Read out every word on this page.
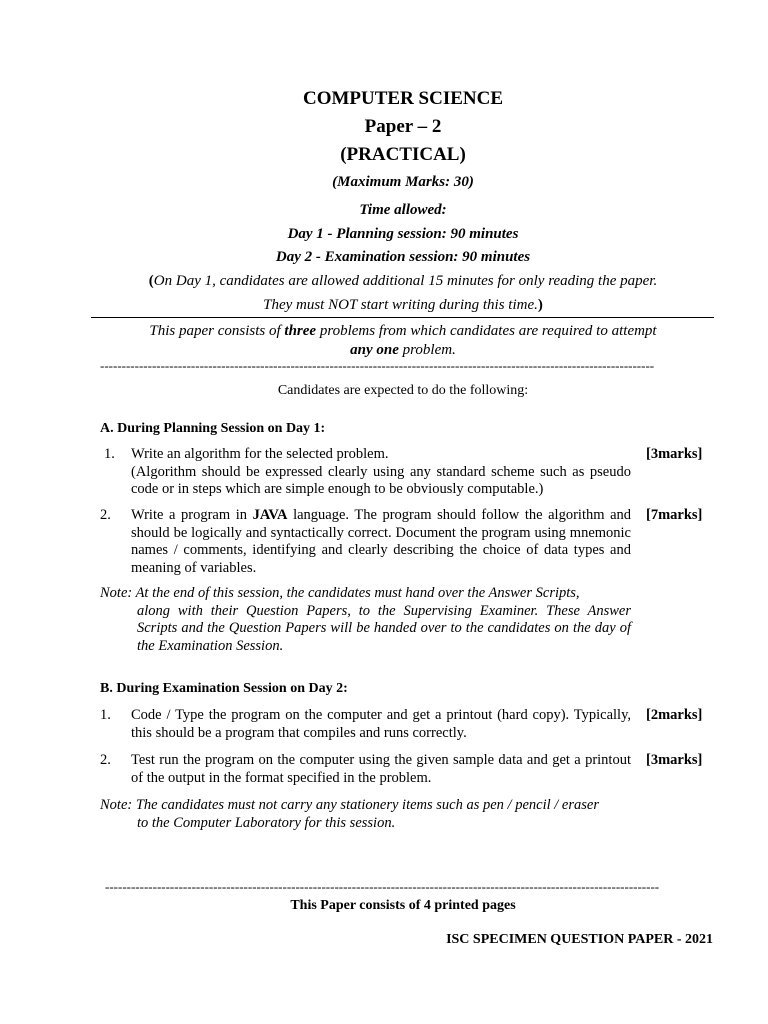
COMPUTER SCIENCE
Paper – 2
(PRACTICAL)
(Maximum Marks: 30)
Time allowed:
Day 1 - Planning session: 90 minutes
Day 2 - Examination session: 90 minutes
(On Day 1, candidates are allowed additional 15 minutes for only reading the paper.
They must NOT start writing during this time.)
This paper consists of three problems from which candidates are required to attempt
any one problem.
--------------------------------------------------------------------------------------------------------------------------------
Candidates are expected to do the following:
A. During Planning Session on Day 1:
1. Write an algorithm for the selected problem.
(Algorithm should be expressed clearly using any standard scheme such as pseudo code or in steps which are simple enough to be obviously computable.)
[3marks]
2. Write a program in JAVA language. The program should follow the algorithm and should be logically and syntactically correct. Document the program using mnemonic names / comments, identifying and clearly describing the choice of data types and meaning of variables.
[7marks]
Note: At the end of this session, the candidates must hand over the Answer Scripts,
along with their Question Papers, to the Supervising Examiner. These Answer Scripts and the Question Papers will be handed over to the candidates on the day of the Examination Session.
B. During Examination Session on Day 2:
1. Code / Type the program on the computer and get a printout (hard copy). Typically, this should be a program that compiles and runs correctly.
[2marks]
2. Test run the program on the computer using the given sample data and get a printout of the output in the format specified in the problem.
[3marks]
Note: The candidates must not carry any stationery items such as pen / pencil / eraser
to the Computer Laboratory for this session.
--------------------------------------------------------------------------------------------------------------------------------
This Paper consists of 4 printed pages
ISC SPECIMEN QUESTION PAPER - 2021
